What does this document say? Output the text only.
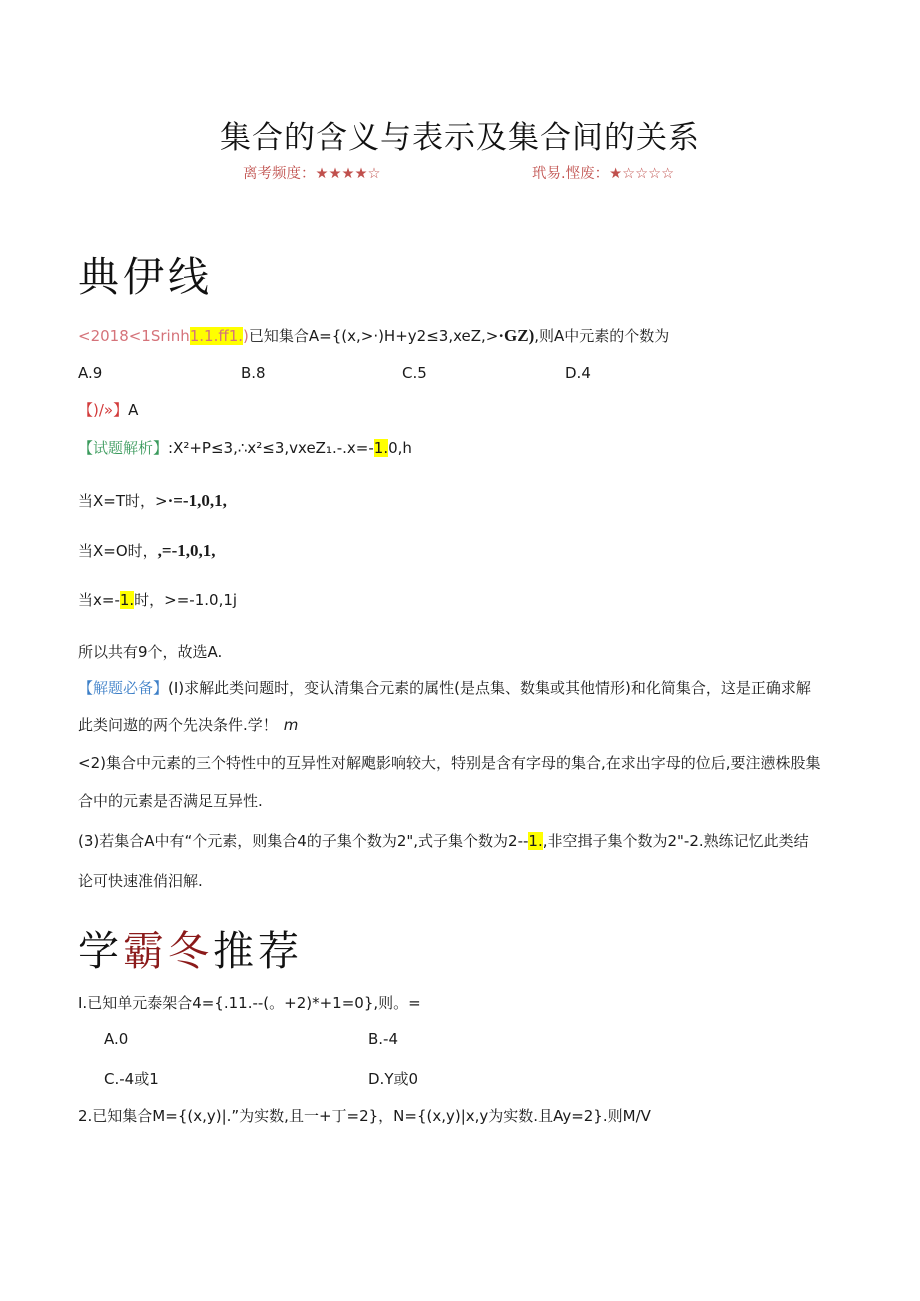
集合的含义与表示及集合间的关系
离考频度：★★★★☆	玳易.悭废：★☆☆☆☆
典伊线
<2018<1Srinh1.1.ff1.)已知集合A={(x,>·)H+y2≤3,xeZ,>·GZ),则A中元素的个数为
A.9	B.8	C.5	D.4
【)/»】A
【试题解析】:X²+P≤3,∴x²≤3,vxeZ₁.-.x=-1.0,h
当X=T时，>·=-1,0,1,
当X=O时，,=-1,0,1,
当x=-1.时，>=-1.0,1j
所以共有9个，故选A.
【解题必备】(I)求解此类问题时，变认清集合元素的属性(是点集、数集或其他情形)和化简集合，这是正确求解
此类问遨的两个先决条件.学！ m
<2)集合中元素的三个特性中的互异性对解飑影响较大，特别是含有字母的集合,在求出字母的位后,要注懑株股集
合中的元素是否满足互异性.
(3)若集合A中有“个元素，则集合4的子集个数为2",式子集个数为2--1.,非空揖子集个数为2"-2.熟练记忆此类结
论可快速准俏汨解.
学霸冬推荐
I.已知单元泰架合4={.11.--(。+2)*+1=0},则。=
A.0	B.-4
C.-4或1	D.Y或0
2.已知集合M={(x,y)|.”为实数,且一+丁=2}，N={(x,y)|x,y为实数.且Ay=2}.则M/V
